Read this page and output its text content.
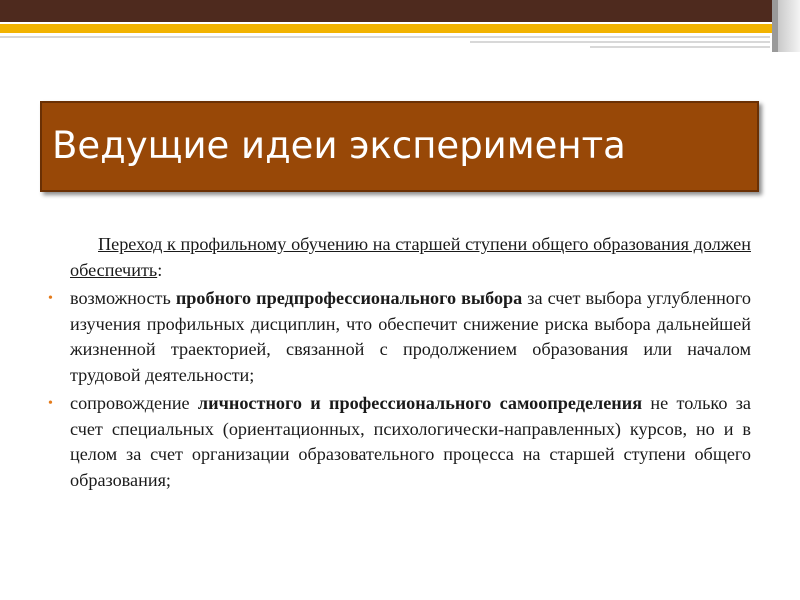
Ведущие идеи эксперимента

Переход к профильному обучению на старшей ступени общего образования должен обеспечить:

• возможность пробного предпрофессионального выбора за счет выбора углубленного изучения профильных дисциплин, что обеспечит снижение риска выбора дальнейшей жизненной траекторией, связанной с продолжением образования или началом трудовой деятельности;
• сопровождение личностного и профессионального самоопределения не только за счет специальных (ориентационных, психологически-направленных) курсов, но и в целом за счет организации образовательного процесса на старшей ступени общего образования;
